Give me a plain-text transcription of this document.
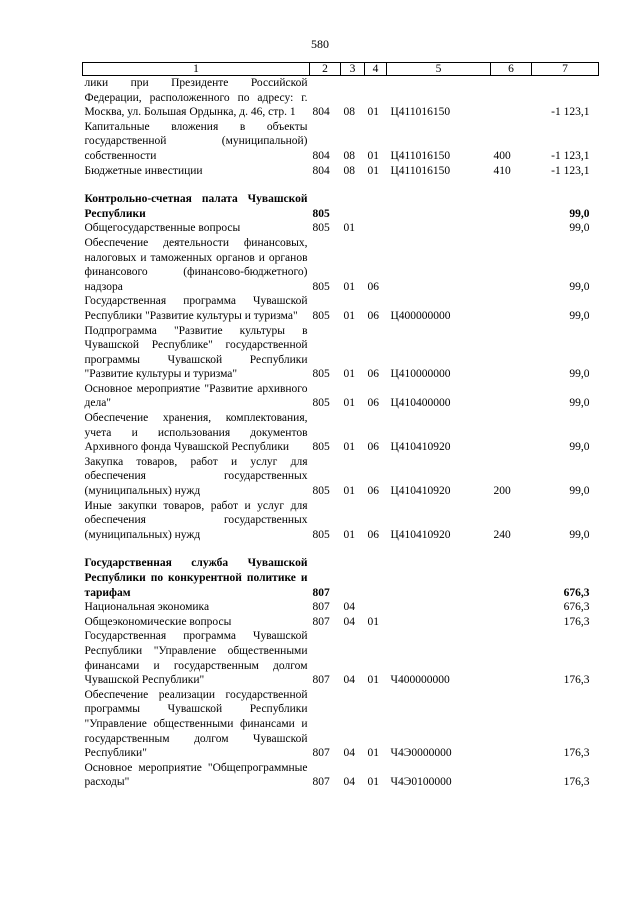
580
1	2	3	4	5	6	7
лики при Президенте Российской Федерации, расположенного по адресу: г. Москва, ул. Большая Ордынка, д. 46, стр. 1	804	08	01	Ц411016150		-1 123,1
Капитальные вложения в объекты государственной (муниципальной) собственности	804	08	01	Ц411016150	400	-1 123,1
Бюджетные инвестиции	804	08	01	Ц411016150	410	-1 123,1

Контрольно-счетная палата Чувашской Республики	805					99,0
Общегосударственные вопросы	805	01				99,0
Обеспечение деятельности финансовых, налоговых и таможенных органов и органов финансового (финансово-бюджетного) надзора	805	01	06			99,0
Государственная программа Чувашской Республики "Развитие культуры и туризма"	805	01	06	Ц400000000		99,0
Подпрограмма "Развитие культуры в Чувашской Республике" государственной программы Чувашской Республики "Развитие культуры и туризма"	805	01	06	Ц410000000		99,0
Основное мероприятие "Развитие архивного дела"	805	01	06	Ц410400000		99,0
Обеспечение хранения, комплектования, учета и использования документов Архивного фонда Чувашской Республики	805	01	06	Ц410410920		99,0
Закупка товаров, работ и услуг для обеспечения государственных (муниципальных) нужд	805	01	06	Ц410410920	200	99,0
Иные закупки товаров, работ и услуг для обеспечения государственных (муниципальных) нужд	805	01	06	Ц410410920	240	99,0

Государственная служба Чувашской Республики по конкурентной политике и тарифам	807					676,3
Национальная экономика	807	04				676,3
Общеэкономические вопросы	807	04	01			176,3
Государственная программа Чувашской Республики "Управление общественными финансами и государственным долгом Чувашской Республики"	807	04	01	Ч400000000		176,3
Обеспечение реализации государственной программы Чувашской Республики "Управление общественными финансами и государственным долгом Чувашской Республики"	807	04	01	Ч4Э0000000		176,3
Основное мероприятие "Общепрограммные расходы"	807	04	01	Ч4Э0100000		176,3
